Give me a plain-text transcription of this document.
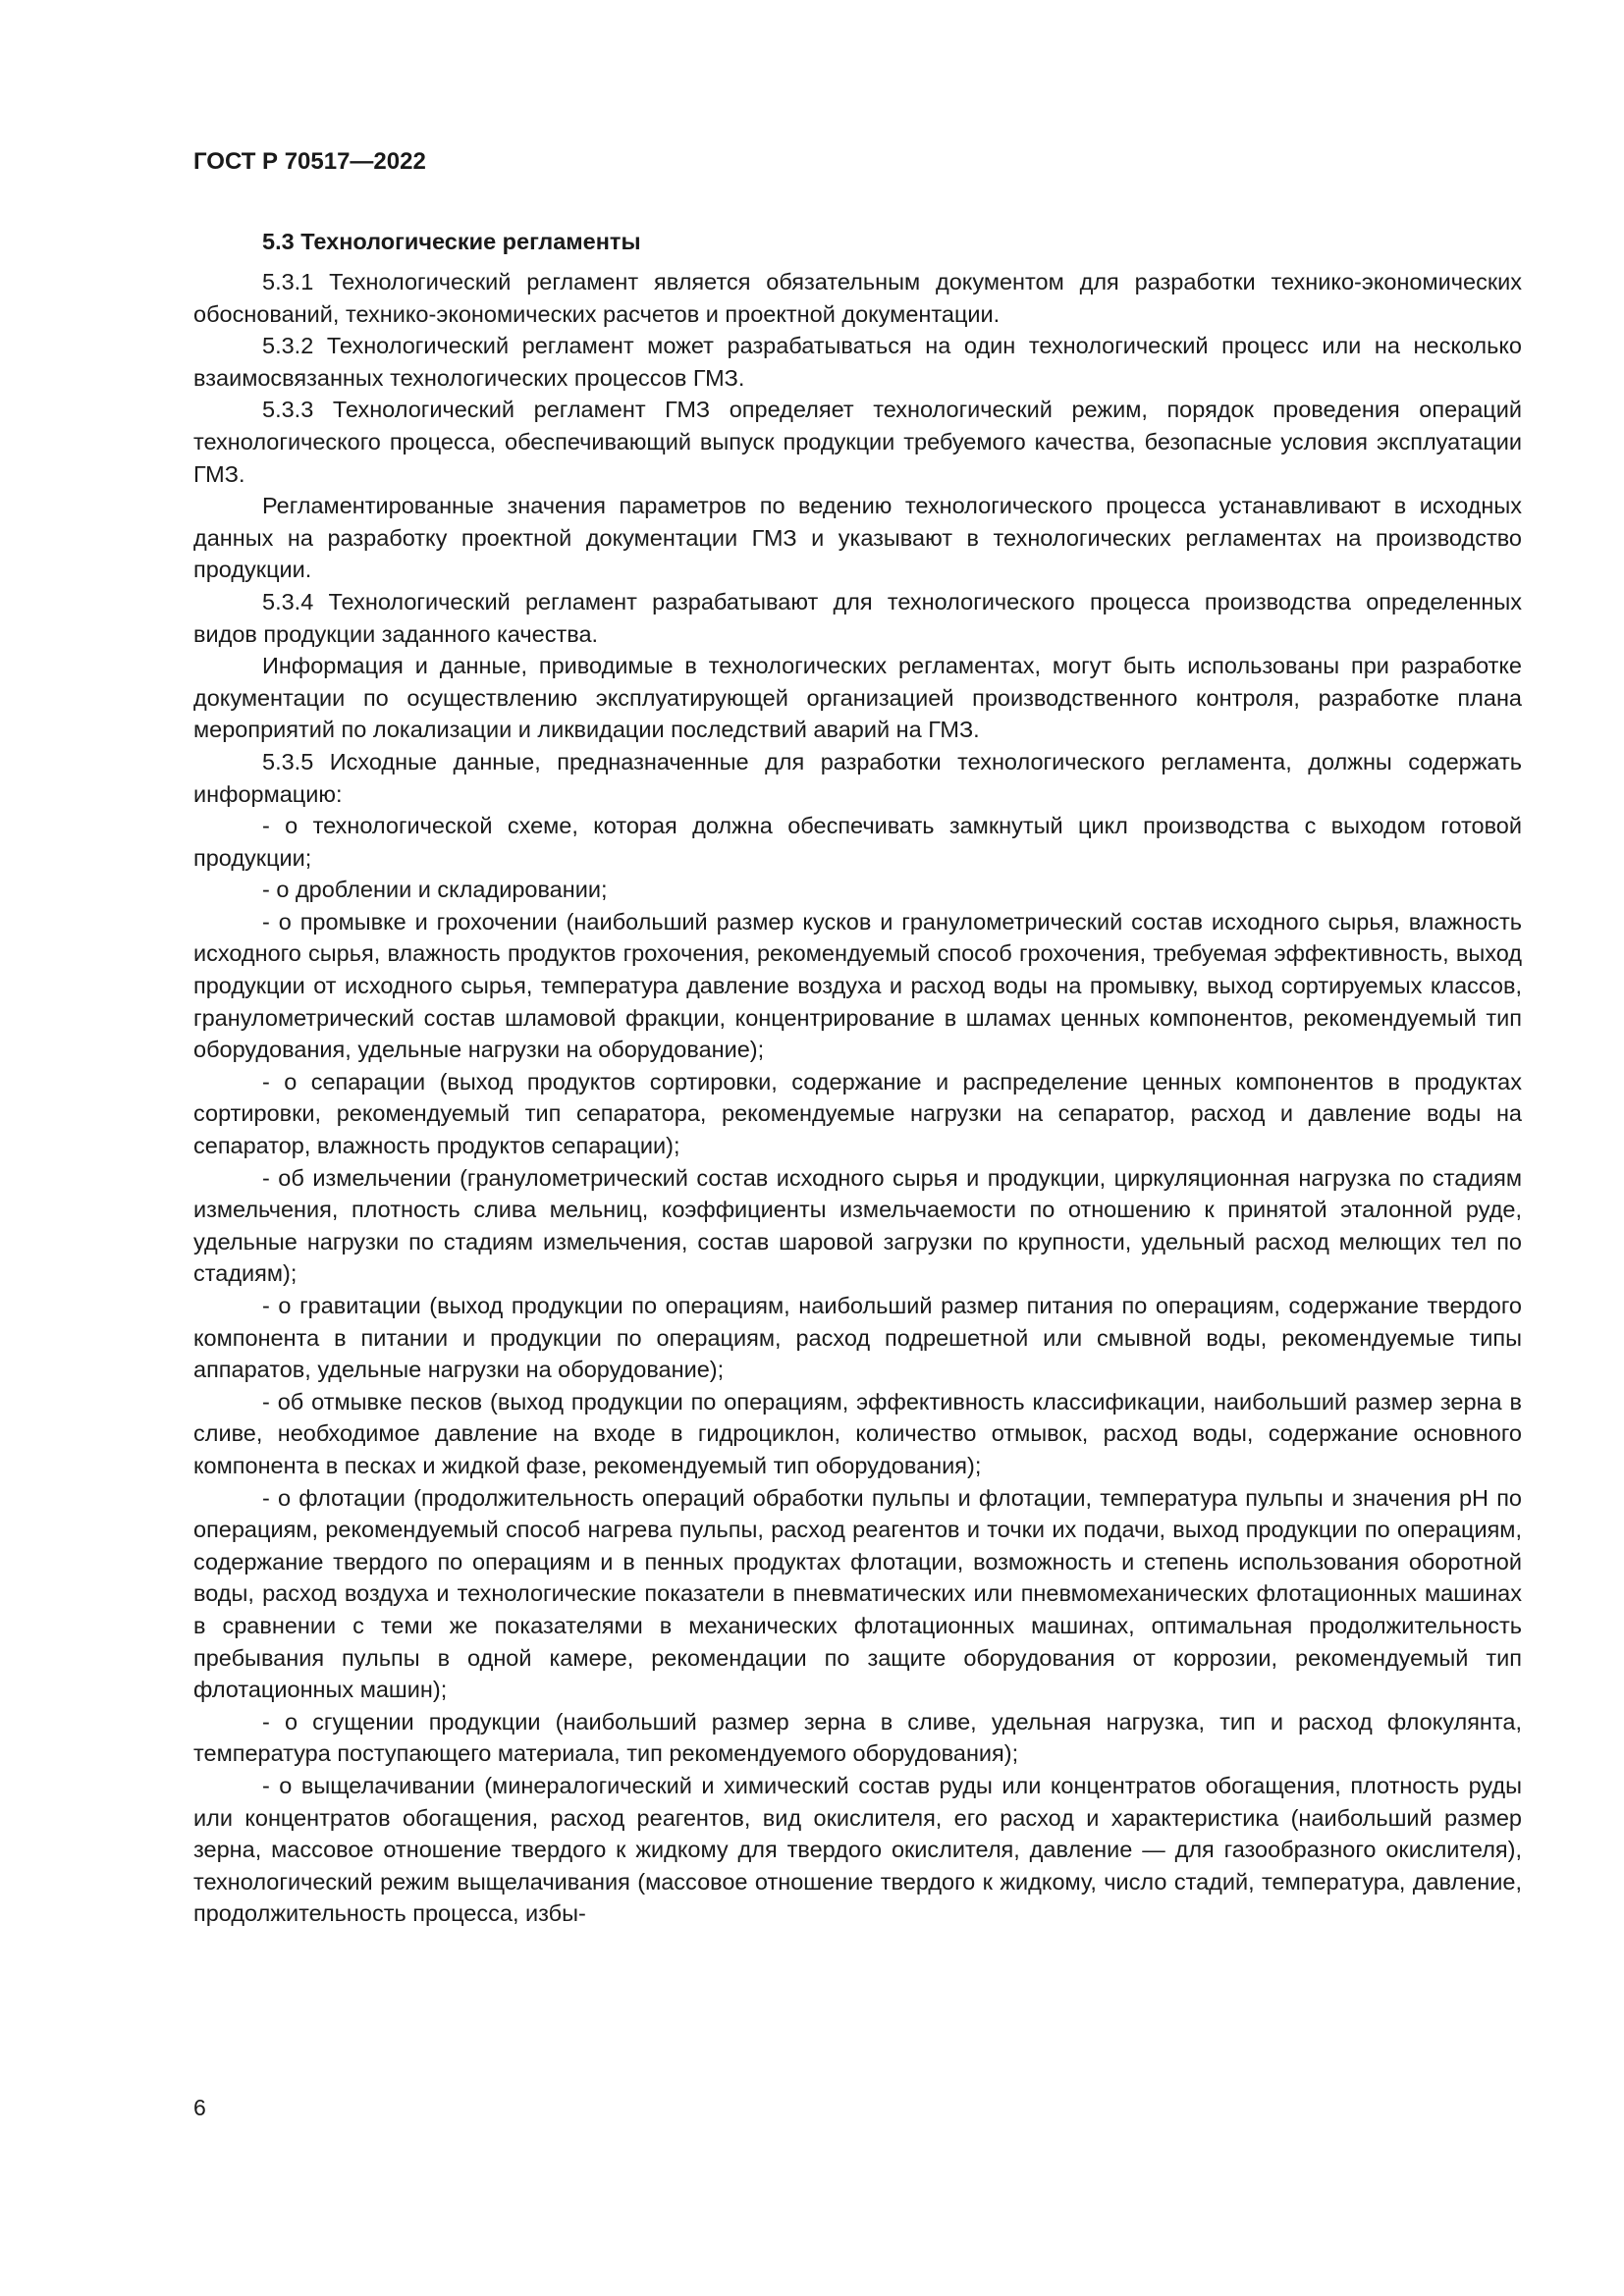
ГОСТ Р 70517—2022

5.3 Технологические регламенты

5.3.1 Технологический регламент является обязательным документом для разработки технико-экономических обоснований, технико-экономических расчетов и проектной документации.

5.3.2 Технологический регламент может разрабатываться на один технологический процесс или на несколько взаимосвязанных технологических процессов ГМЗ.

5.3.3 Технологический регламент ГМЗ определяет технологический режим, порядок проведения операций технологического процесса, обеспечивающий выпуск продукции требуемого качества, безопасные условия эксплуатации ГМЗ.

Регламентированные значения параметров по ведению технологического процесса устанавливают в исходных данных на разработку проектной документации ГМЗ и указывают в технологических регламентах на производство продукции.

5.3.4 Технологический регламент разрабатывают для технологического процесса производства определенных видов продукции заданного качества.

Информация и данные, приводимые в технологических регламентах, могут быть использованы при разработке документации по осуществлению эксплуатирующей организацией производственного контроля, разработке плана мероприятий по локализации и ликвидации последствий аварий на ГМЗ.

5.3.5 Исходные данные, предназначенные для разработки технологического регламента, должны содержать информацию:

- о технологической схеме, которая должна обеспечивать замкнутый цикл производства с выходом готовой продукции;

- о дроблении и складировании;

- о промывке и грохочении (наибольший размер кусков и гранулометрический состав исходного сырья, влажность исходного сырья, влажность продуктов грохочения, рекомендуемый способ грохочения, требуемая эффективность, выход продукции от исходного сырья, температура давление воздуха и расход воды на промывку, выход сортируемых классов, гранулометрический состав шламовой фракции, концентрирование в шламах ценных компонентов, рекомендуемый тип оборудования, удельные нагрузки на оборудование);

- о сепарации (выход продуктов сортировки, содержание и распределение ценных компонентов в продуктах сортировки, рекомендуемый тип сепаратора, рекомендуемые нагрузки на сепаратор, расход и давление воды на сепаратор, влажность продуктов сепарации);

- об измельчении (гранулометрический состав исходного сырья и продукции, циркуляционная нагрузка по стадиям измельчения, плотность слива мельниц, коэффициенты измельчаемости по отношению к принятой эталонной руде, удельные нагрузки по стадиям измельчения, состав шаровой загрузки по крупности, удельный расход мелющих тел по стадиям);

- о гравитации (выход продукции по операциям, наибольший размер питания по операциям, содержание твердого компонента в питании и продукции по операциям, расход подрешетной или смывной воды, рекомендуемые типы аппаратов, удельные нагрузки на оборудование);

- об отмывке песков (выход продукции по операциям, эффективность классификации, наибольший размер зерна в сливе, необходимое давление на входе в гидроциклон, количество отмывок, расход воды, содержание основного компонента в песках и жидкой фазе, рекомендуемый тип оборудования);

- о флотации (продолжительность операций обработки пульпы и флотации, температура пульпы и значения рН по операциям, рекомендуемый способ нагрева пульпы, расход реагентов и точки их подачи, выход продукции по операциям, содержание твердого по операциям и в пенных продуктах флотации, возможность и степень использования оборотной воды, расход воздуха и технологические показатели в пневматических или пневмомеханических флотационных машинах в сравнении с теми же показателями в механических флотационных машинах, оптимальная продолжительность пребывания пульпы в одной камере, рекомендации по защите оборудования от коррозии, рекомендуемый тип флотационных машин);

- о сгущении продукции (наибольший размер зерна в сливе, удельная нагрузка, тип и расход флокулянта, температура поступающего материала, тип рекомендуемого оборудования);

- о выщелачивании (минералогический и химический состав руды или концентратов обогащения, плотность руды или концентратов обогащения, расход реагентов, вид окислителя, его расход и характеристика (наибольший размер зерна, массовое отношение твердого к жидкому для твердого окислителя, давление — для газообразного окислителя), технологический режим выщелачивания (массовое отношение твердого к жидкому, число стадий, температура, давление, продолжительность процесса, избы-

6
